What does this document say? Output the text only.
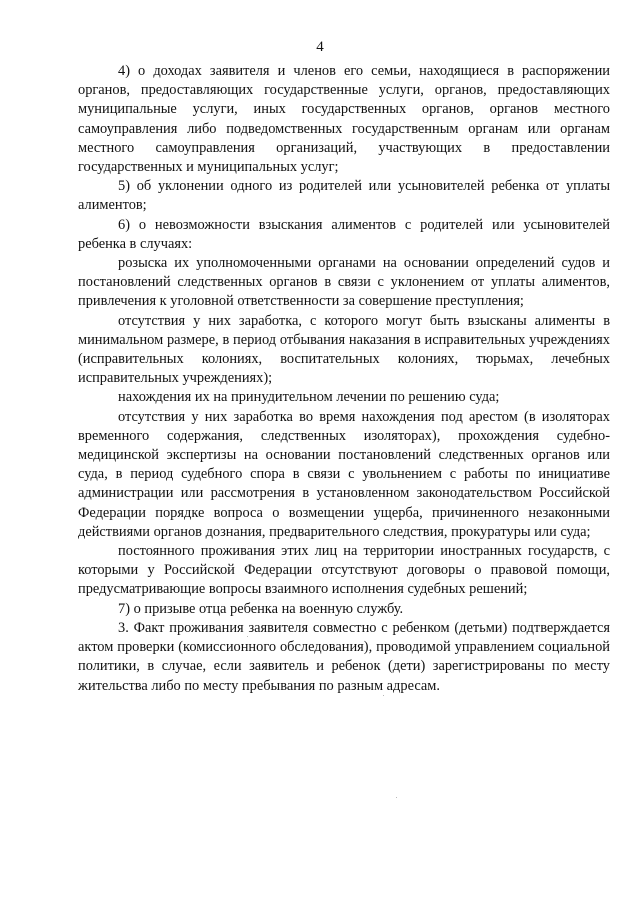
4

4) о доходах заявителя и членов его семьи, находящиеся в распоряжении органов, предоставляющих государственные услуги, органов, предоставляющих муниципальные услуги, иных государственных органов, органов местного самоуправления либо подведомственных государственным органам или органам местного самоуправления организаций, участвующих в предоставлении государственных и муниципальных услуг;

5) об уклонении одного из родителей или усыновителей ребенка от уплаты алиментов;

6) о невозможности взыскания алиментов с родителей или усыновителей ребенка в случаях:

розыска их уполномоченными органами на основании определений судов и постановлений следственных органов в связи с уклонением от уплаты алиментов, привлечения к уголовной ответственности за совершение преступления;

отсутствия у них заработка, с которого могут быть взысканы алименты в минимальном размере, в период отбывания наказания в исправительных учреждениях (исправительных колониях, воспитательных колониях, тюрьмах, лечебных исправительных учреждениях);

нахождения их на принудительном лечении по решению суда;

отсутствия у них заработка во время нахождения под арестом (в изоляторах временного содержания, следственных изоляторах), прохождения судебно-медицинской экспертизы на основании постановлений следственных органов или суда, в период судебного спора в связи с увольнением с работы по инициативе администрации или рассмотрения в установленном законодательством Российской Федерации порядке вопроса о возмещении ущерба, причиненного незаконными действиями органов дознания, предварительного следствия, прокуратуры или суда;

постоянного проживания этих лиц на территории иностранных государств, с которыми у Российской Федерации отсутствуют договоры о правовой помощи, предусматривающие вопросы взаимного исполнения судебных решений;

7) о призыве отца ребенка на военную службу.

3. Факт проживания заявителя совместно с ребенком (детьми) подтверждается актом проверки (комиссионного обследования), проводимой управлением социальной политики, в случае, если заявитель и ребенок (дети) зарегистрированы по месту жительства либо по месту пребывания по разным адресам.
